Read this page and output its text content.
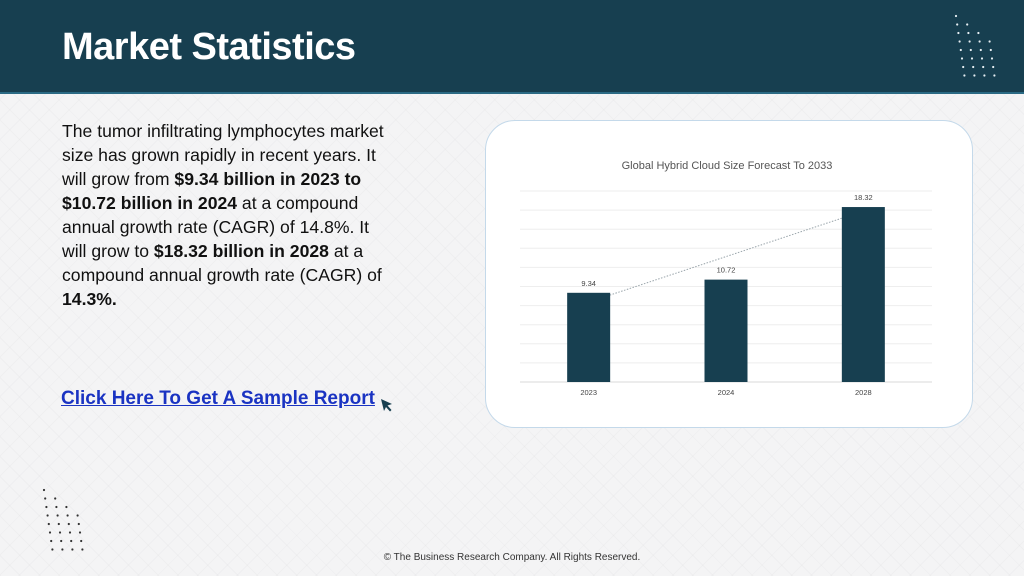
Market Statistics
The tumor infiltrating lymphocytes market size has grown rapidly in recent years. It will grow from $9.34 billion in 2023 to $10.72 billion in 2024 at a compound annual growth rate (CAGR) of 14.8%. It will grow to $18.32 billion in 2028 at a compound annual growth rate (CAGR) of 14.3%.
Click Here To Get A Sample Report
Global Hybrid Cloud Size Forecast To 2033
9.34
10.72
18.32
2023	2024	2028
© The Business Research Company. All Rights Reserved.
